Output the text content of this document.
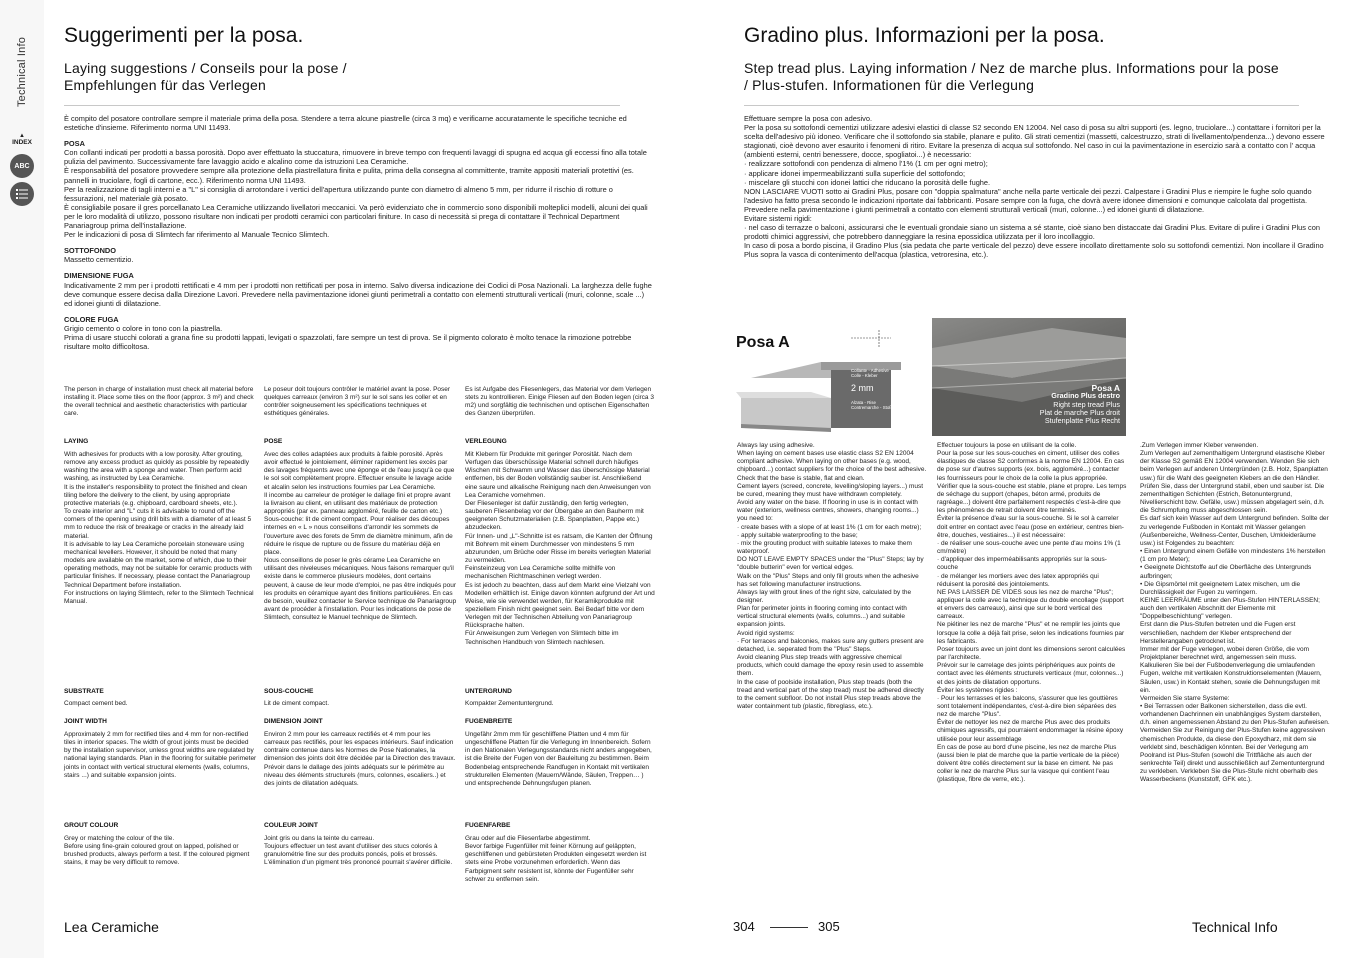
Technical Info
▲
INDEX
ABC
Suggerimenti per la posa.
Laying suggestions / Conseils pour la pose / Empfehlungen für das Verlegen

È compito del posatore controllare sempre il materiale prima della posa. Stendere a terra alcune piastrelle (circa 3 mq) e verificarne accuratamente le specifiche tecniche ed estetiche d'insieme. Riferimento norma UNI 11493.

POSA

Con collanti indicati per prodotti a bassa porosità. Dopo aver effettuato la stuccatura, rimuovere in breve tempo con frequenti lavaggi di spugna ed acqua gli eccessi fino alla totale pulizia del pavimento. Successivamente fare lavaggio acido e alcalino come da istruzioni Lea Ceramiche.
È responsabilità del posatore provvedere sempre alla protezione della piastrellatura finita e pulita, prima della consegna al committente, tramite appositi materiali protettivi (es. pannelli in truciolare, fogli di cartone, ecc.). Riferimento norma UNI 11493.
Per la realizzazione di tagli interni e a "L" si consiglia di arrotondare i vertici dell'apertura utilizzando punte con diametro di almeno 5 mm, per ridurre il rischio di rotture o fessurazioni, nel materiale già posato.
È consigliabile posare il gres porcellanato Lea Ceramiche utilizzando livellatori meccanici. Va però evidenziato che in commercio sono disponibili molteplici modelli, alcuni dei quali per le loro modalità di utilizzo, possono risultare non indicati per prodotti ceramici con particolari finiture. In caso di necessità si prega di contattare il Technical Department Panariagroup prima dell'installazione.
Per le indicazioni di posa di Slimtech far riferimento al Manuale Tecnico Slimtech.

SOTTOFONDO

Massetto cementizio.

DIMENSIONE FUGA

Indicativamente 2 mm per i prodotti rettificati e 4 mm per i prodotti non rettificati per posa in interno. Salvo diversa indicazione dei Codici di Posa Nazionali. La larghezza delle fughe deve comunque essere decisa dalla Direzione Lavori. Prevedere nella pavimentazione idonei giunti perimetrali a contatto con elementi strutturali verticali (muri, colonne, scale ...) ed idonei giunti di dilatazione.

COLORE FUGA

Grigio cemento o colore in tono con la piastrella.
Prima di usare stucchi colorati a grana fine su prodotti lappati, levigati o spazzolati, fare sempre un test di prova. Se il pigmento colorato è molto tenace la rimozione potrebbe risultare molto difficoltosa.

The person in charge of installation must check all material before installing it. Place some tiles on the floor (approx. 3 m²) and check the overall technical and aesthetic characteristics with particular care.
Le poseur doit toujours contrôler le matériel avant la pose. Poser quelques carreaux (environ 3 m²) sur le sol sans les coller et en contrôler soigneusement les spécifications techniques et esthétiques générales.
Es ist Aufgabe des Fliesenlegers, das Material vor dem Verlegen stets zu kontrollieren. Einige Fliesen auf den Boden legen (circa 3 m2) und sorgfältig die technischen und optischen Eigenschaften des Ganzen überprüfen.
LAYING	POSE	VERLEGUNG
With adhesives for products with a low porosity. After grouting, remove any excess product as quickly as possible by repeatedly washing the area with a sponge and water. Then perform acid washing, as instructed by Lea Ceramiche.
It is the installer's responsibility to protect the finished and clean tiling before the delivery to the client, by using appropriate protective materials (e.g. chipboard, cardboard sheets, etc.).
To create interior and "L" cuts it is advisable to round off the corners of the opening using drill bits with a diameter of at least 5 mm to reduce the risk of breakage or cracks in the already laid material.
It is advisable to lay Lea Ceramiche porcelain stoneware using mechanical levellers. However, it should be noted that many models are available on the market, some of which, due to their operating methods, may not be suitable for ceramic products with particular finishes. If necessary, please contact the Panariagroup Technical Department before installation.
For instructions on laying Slimtech, refer to the Slimtech Technical Manual.
Avec des colles adaptées aux produits à faible porosité. Après avoir effectué le jointoiement, éliminer rapidement les excès par des lavages fréquents avec une éponge et de l'eau jusqu'à ce que le sol soit complètement propre. Effectuer ensuite le lavage acide et alcalin selon les instructions fournies par Lea Ceramiche.
Il incombe au carreleur de protéger le dallage fini et propre avant la livraison au client, en utilisant des matériaux de protection appropriés (par ex. panneau aggloméré, feuille de carton etc.)
Sous-couche: lit de ciment compact. Pour réaliser des découpes internes en « L » nous conseillons d'arrondir les sommets de l'ouverture avec des forets de 5mm de diamètre minimum, afin de réduire le risque de rupture ou de fissure du matériau déjà en place.
Nous conseillons de poser le grès cérame Lea Ceramiche en utilisant des niveleuses mécaniques. Nous faisons remarquer qu'il existe dans le commerce plusieurs modèles, dont certains peuvent, à cause de leur mode d'emploi, ne pas être indiqués pour les produits en céramique ayant des finitions particulières. En cas de besoin, veuillez contacter le Service technique de Panariagroup avant de procéder à l'installation. Pour les indications de pose de Slimtech, consultez le Manuel technique de Slimtech.
Mit Klebern für Produkte mit geringer Porosität. Nach dem Verfugen das überschüssige Material schnell durch häufiges Wischen mit Schwamm und Wasser das überschüssige Material entfernen, bis der Boden vollständig sauber ist. Anschließend eine saure und alkalische Reinigung nach den Anweisungen von Lea Ceramiche vornehmen.
Der Fliesenleger ist dafür zuständig, den fertig verlegten, sauberen Fliesenbelag vor der Übergabe an den Bauherrn mit geeigneten Schutzmaterialien (z.B. Spanplatten, Pappe etc.) abzudecken.
Für Innen- und „L"-Schnitte ist es ratsam, die Kanten der Öffnung mit Bohrern mit einem Durchmesser von mindestens 5 mm abzurunden, um Brüche oder Risse im bereits verlegten Material zu vermeiden.
Feinsteinzeug von Lea Ceramiche sollte mithilfe von mechanischen Richtmaschinen verlegt werden.
Es ist jedoch zu beachten, dass auf dem Markt eine Vielzahl von Modellen erhältlich ist. Einige davon könnten aufgrund der Art und Weise, wie sie verwendet werden, für Keramikprodukte mit speziellem Finish nicht geeignet sein. Bei Bedarf bitte vor dem Verlegen mit der Technischen Abteilung von Panariagroup Rücksprache halten.
Für Anweisungen zum Verlegen von Slimtech bitte im Technischen Handbuch von Slimtech nachlesen.
SUBSTRATE	SOUS-COUCHE	UNTERGRUND
Compact cement bed.	Lit de ciment compact.	Kompakter Zementuntergrund.
JOINT WIDTH	DIMENSION JOINT	FUGENBREITE
Approximately 2 mm for rectified tiles and 4 mm for non-rectified tiles in interior spaces. The width of grout joints must be decided by the installation supervisor, unless grout widths are regulated by national laying standards. Plan in the flooring for suitable perimeter joints in contact with vertical structural elements (walls, columns, stairs ...) and suitable expansion joints.
Environ 2 mm pour les carreaux rectifiés et 4 mm pour les carreaux pas rectifiés, pour les espaces intérieurs. Sauf indication contraire contenue dans les Normes de Pose Nationales, la dimension des joints doit être décidée par la Direction des travaux. Prévoir dans le dallage des joints adéquats sur le périmètre au niveau des éléments structurels (murs, colonnes, escaliers..) et des joints de dilatation adéquats.
Ungefähr 2mm mm für geschliffene Platten und 4 mm für ungeschliffene Platten für die Verlegung im Innenbereich. Sofern in den Nationalen Verlegungsstandards nicht anders angegeben, ist die Breite der Fugen von der Bauleitung zu bestimmen. Beim Bodenbelag entsprechende Randfugen in Kontakt mit vertikalen strukturellen Elementen (Mauern/Wände, Säulen, Treppen… ) und entsprechende Dehnungsfugen planen.
GROUT COLOUR	COULEUR JOINT	FUGENFARBE
Grey or matching the colour of the tile.
Before using fine-grain coloured grout on lapped, polished or brushed products, always perform a test. If the coloured pigment stains, it may be very difficult to remove.
Joint gris ou dans la teinte du carreau.
Toujours effectuer un test avant d'utiliser des stucs colorés à granulométrie fine sur des produits poncés, polis et brossés. L'élimination d'un pigment très prononcé pourrait s'avérer difficile.
Grau oder auf die Fliesenfarbe abgestimmt.
Bevor farbige Fugenfüller mit feiner Körnung auf geläppten, geschliffenen und gebürsteten Produkten eingesetzt werden ist stets eine Probe vorzunehmen erforderlich. Wenn das Farbpigment sehr resistent ist, könnte der Fugenfüller sehr schwer zu entfernen sein.
Lea Ceramiche	304	305
Gradino plus. Informazioni per la posa.
Step tread plus. Laying information / Nez de marche plus. Informations pour la pose / Plus-stufen. Informationen für die Verlegung
Effettuare sempre la posa con adesivo.
Per la posa su sottofondi cementizi utilizzare adesivi elastici di classe S2 secondo EN 12004. Nel caso di posa su altri supporti (es. legno, truciolare...) contattare i fornitori per la scelta dell'adesivo più idoneo. Verificare che il sottofondo sia stabile, planare e pulito. Gli strati cementizi (massetti, calcestruzzo, strati di livellamento/pendenza...) devono essere stagionati, cioè devono aver esaurito i fenomeni di ritiro. Evitare la presenza di acqua sul sottofondo. Nel caso in cui la pavimentazione in esercizio sarà a contatto con l' acqua (ambienti esterni, centri benessere, docce, spogliatoi...) è necessario:
· realizzare sottofondi con pendenza di almeno l'1% (1 cm per ogni metro);
· applicare idonei impermeabilizzanti sulla superficie del sottofondo;
· miscelare gli stucchi con idonei lattici che riducano la porosità delle fughe.
NON LASCIARE VUOTI sotto ai Gradini Plus, posare con "doppia spalmatura" anche nella parte verticale dei pezzi. Calpestare i Gradini Plus e riempire le fughe solo quando l'adesivo ha fatto presa secondo le indicazioni riportate dai fabbricanti. Posare sempre con la fuga, che dovrà avere idonee dimensioni e comunque calcolata dal progettista. Prevedere nella pavimentazione i giunti perimetrali a contatto con elementi strutturali verticali (muri, colonne...) ed idonei giunti di dilatazione.
Evitare sistemi rigidi:
· nel caso di terrazze o balconi, assicurarsi che le eventuali grondaie siano un sistema a sé stante, cioè siano ben distaccate dai Gradini Plus. Evitare di pulire i Gradini Plus con prodotti chimici aggressivi, che potrebbero danneggiare la resina epossidica utilizzata per il loro incollaggio.
In caso di posa a bordo piscina, il Gradino Plus (sia pedata che parte verticale del pezzo) deve essere incollato direttamente solo su sottofondi cementizi. Non incollare il Gradino Plus sopra la vasca di contenimento dell'acqua (plastica, vetroresina, etc.).
Posa A
Collante - Adhesive
Colle - Kleber
2 mm
Alzata - Rise
Contremarche - Stoßfläche
Posa A
Gradino Plus destro
Right step tread Plus
Plat de marche Plus droit
Stufenplatte Plus Recht
Always lay using adhesive.
When laying on cement bases use elastic class S2 EN 12004 compliant adhesive. When laying on other bases (e.g. wood, chipboard...) contact suppliers for the choice of the best adhesive.
Check that the base is stable, flat and clean.
Cement layers (screed, concrete, levelling/sloping layers...) must be cured, meaning they must have withdrawn completely.
Avoid any water on the base. If flooring in use is in contact with water (exteriors, wellness centres, showers, changing rooms...) you need to:
· create bases with a slope of at least 1% (1 cm for each metre);
· apply suitable waterproofing to the base;
· mix the grouting product with suitable latexes to make them waterproof.
DO NOT LEAVE EMPTY SPACES under the "Plus" Steps; lay by "double butterin" even for vertical edges.
Walk on the "Plus" Steps and only fill grouts when the adhesive has set following manufacturer instructions.
Always lay with grout lines of the right size, calculated by the designer.
Plan for perimeter joints in flooring coming into contact with vertical structural elements (walls, columns...) and suitable expansion joints.
Avoid rigid systems:
· For terraces and balconies, makes sure any gutters present are detached, i.e. seperated from the "Plus" Steps.
Avoid cleaning Plus step treads with aggressive chemical products, which could damage the epoxy resin used to assemble them.
In the case of poolside installation, Plus step treads (both the tread and vertical part of the step tread) must be adhered directly to the cement subfloor. Do not install Plus step treads above the water containment tub (plastic, fibreglass, etc.).
Effectuer toujours la pose en utilisant de la colle.
Pour la pose sur les sous-couches en ciment, utiliser des colles élastiques de classe S2 conformes à la norme EN 12004. En cas de pose sur d'autres supports (ex. bois, aggloméré...) contacter les fournisseurs pour le choix de la colle la plus appropriée.
Vérifier que la sous-couche est stable, plane et propre. Les temps de séchage du support (chapes, béton armé, produits de ragréage...) doivent être parfaitement respectés c'est-à-dire que les phénomènes de retrait doivent être terminés.
Éviter la présence d'eau sur la sous-couche. Si le sol à carreler doit entrer en contact avec l'eau (pose en extérieur, centres bien-être, douches, vestiaires...) il est nécessaire:
· de réaliser une sous-couche avec une pente d'au moins 1% (1 cm/mètre)
· d'appliquer des imperméabilisants appropriés sur la sous-couche
· de mélanger les mortiers avec des latex appropriés qui réduisent la porosité des jointoiements.
NE PAS LAISSER DE VIDES sous les nez de marche "Plus"; appliquer la colle avec la technique du double encollage (support et envers des carreaux), ainsi que sur le bord vertical des carreaux.
Ne piétiner les nez de marche "Plus" et ne remplir les joints que lorsque la colle a déjà fait prise, selon les indications fournies par les fabricants.
Poser toujours avec un joint dont les dimensions seront calculées par l'architecte.
Prévoir sur le carrelage des joints périphériques aux points de contact avec les éléments structurels verticaux (mur, colonnes...) et des joints de dilatation opportuns.
Éviter les systèmes rigides :
· Pour les terrasses et les balcons, s'assurer que les gouttières sont totalement indépendantes, c'est-à-dire bien séparées des nez de marche "Plus".
Éviter de nettoyer les nez de marche Plus avec des produits chimiques agressifs, qui pourraient endommager la résine époxy utilisée pour leur assemblage
En cas de pose au bord d'une piscine, les nez de marche Plus (aussi bien le plat de marche que la partie verticale de la pièce) doivent être collés directement sur la base en ciment. Ne pas coller le nez de marche Plus sur la vasque qui contient l'eau (plastique, fibre de verre, etc.).
.Zum Verlegen immer Kleber verwenden.
Zum Verlegen auf zementhaltigem Untergrund elastische Kleber der Klasse S2 gemäß EN 12004 verwenden. Wenden Sie sich beim Verlegen auf anderen Untergründen (z.B. Holz, Spanplatten usw.) für die Wahl des geeigneten Klebers an die den Händler. Prüfen Sie, dass der Untergrund stabil, eben und sauber ist. Die zementhaltigen Schichten (Estrich, Betonuntergrund, Nivellierschicht bzw. Gefälle, usw.) müssen abgelagert sein, d.h. die Schrumpfung muss abgeschlossen sein.
Es darf sich kein Wasser auf dem Untergrund befinden. Sollte der zu verlegende Fußboden in Kontakt mit Wasser gelangen (Außenbereiche, Wellness-Center, Duschen, Umkleideräume usw.) ist Folgendes zu beachten:
• Einen Untergrund einem Gefälle von mindestens 1% herstellen (1 cm pro Meter);
• Geeignete Dichtstoffe auf die Oberfläche des Untergrunds aufbringen;
• Die Gipsmörtel mit geeignetem Latex mischen, um die Durchlässigkeit der Fugen zu verringern.
KEINE LEERRÄUME unter den Plus-Stufen HINTERLASSEN; auch den vertikalen Abschnitt der Elemente mit "Doppelbeschichtung" verlegen.
Erst dann die Plus-Stufen betreten und die Fugen erst verschließen, nachdem der Kleber entsprechend der Herstellerangaben getrocknet ist.
Immer mit der Fuge verlegen, wobei deren Größe, die vom Projektplaner berechnet wird, angemessen sein muss.
Kalkulieren Sie bei der Fußbodenverlegung die umlaufenden Fugen, welche mit vertikalen Konstruktionselementen (Mauern, Säulen, usw.) in Kontakt stehen, sowie die Dehnungsfugen mit ein.
Vermeiden Sie starre Systeme:
• Bei Terrassen oder Balkonen sicherstellen, dass die evtl. vorhandenen Dachrinnen ein unabhängiges System darstellen, d.h. einen angemessenen Abstand zu den Plus-Stufen aufweisen.
Vermeiden Sie zur Reinigung der Plus-Stufen keine aggressiven chemischen Produkte, da diese den Epoxydharz, mit dem sie verklebt sind, beschädigen könnten. Bei der Verlegung am Poolrand ist Plus-Stufen (sowohl die Trittfläche als auch der senkrechte Teil) direkt und ausschließlich auf Zementuntergrund zu verkleben. Verkleben Sie die Plus-Stufe nicht oberhalb des Wasserbeckens (Kunststoff, GFK etc.).
Technical Info
